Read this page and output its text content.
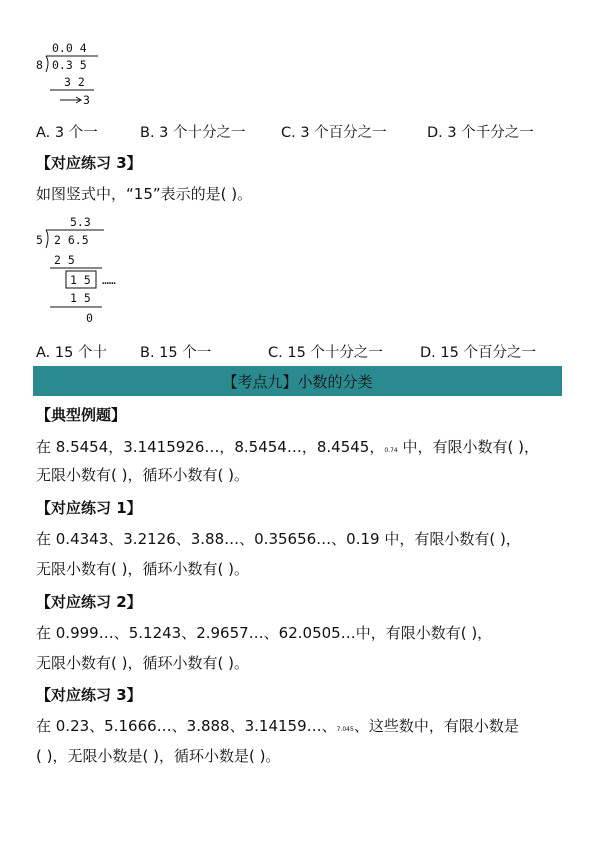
0.0 4
8 0.3 5
3 2
3
A. 3 个一	B. 3 个十分之一 C. 3 个百分之一	D. 3 个千分之一
【对应练习 3】
如图竖式中，“15”表示的是( )。
5.3
5 2 6.5
2 5
1 5 ……
1 5
0
A. 15 个十 B. 15 个一	C. 15 个十分之一	D. 15 个百分之一
【考点九】小数的分类
【典型例题】
在 8.5454，3.1415926…，8.5454…，8.4545，0.74 中，有限小数有( )，
无限小数有( )，循环小数有( )。
【对应练习 1】
在 0.4343、3.2126、3.88…、0.35656…、0.19 中，有限小数有( )，
无限小数有( )，循环小数有( )。
【对应练习 2】
在 0.999…、5.1243、2.9657…、62.0505…中，有限小数有( )，
无限小数有( )，循环小数有( )。
【对应练习 3】
在 0.23、5.1666…、3.888、3.14159…、7.045、这些数中，有限小数是
( )，无限小数是( )，循环小数是( )。
